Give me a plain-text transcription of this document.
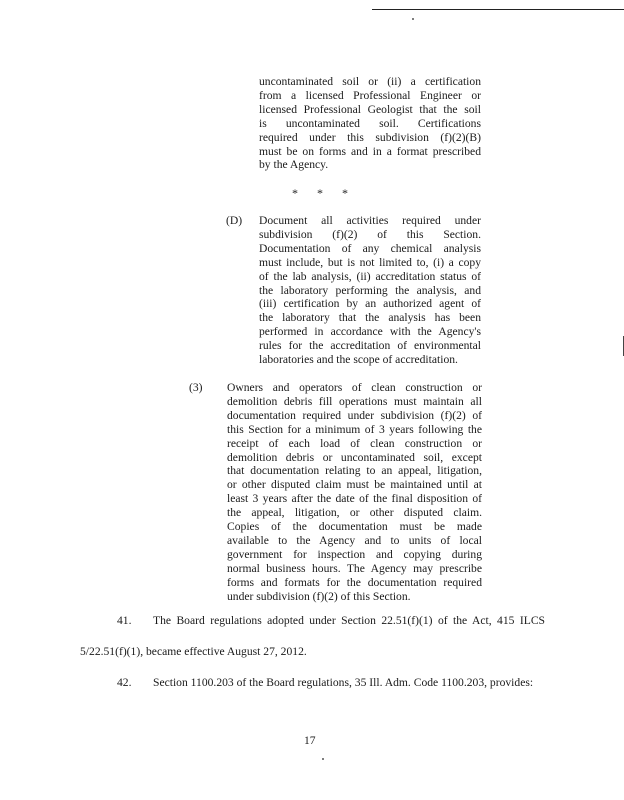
uncontaminated soil or (ii) a certification

from a licensed Professional Engineer or

licensed Professional Geologist that the soil

is uncontaminated soil. Certifications

required under this subdivision (f)(2)(B)

must be on forms and in a format prescribed

by the Agency.

* * *
(D) Document all activities required under

subdivision (f)(2) of this Section.

Documentation of any chemical analysis

must include, but is not limited to, (i) a copy

of the lab analysis, (ii) accreditation status of

the laboratory performing the analysis, and

(iii) certification by an authorized agent of

the laboratory that the analysis has been

performed in accordance with the Agency's

rules for the accreditation of environmental

laboratories and the scope of accreditation.

(3) Owners and operators of clean construction or

demolition debris fill operations must maintain all

documentation required under subdivision (f)(2) of

this Section for a minimum of 3 years following the

receipt of each load of clean construction or

demolition debris or uncontaminated soil, except

that documentation relating to an appeal, litigation,

or other disputed claim must be maintained until at

least 3 years after the date of the final disposition of

the appeal, litigation, or other disputed claim.

Copies of the documentation must be made

available to the Agency and to units of local

government for inspection and copying during

normal business hours. The Agency may prescribe

forms and formats for the documentation required

under subdivision (f)(2) of this Section.

41. The Board regulations adopted under Section 22.51(f)(1) of the Act, 415 ILCS
5/22.51(f)(1), became effective August 27, 2012.
42. Section 1100.203 of the Board regulations, 35 Ill. Adm. Code 1100.203, provides:
17
